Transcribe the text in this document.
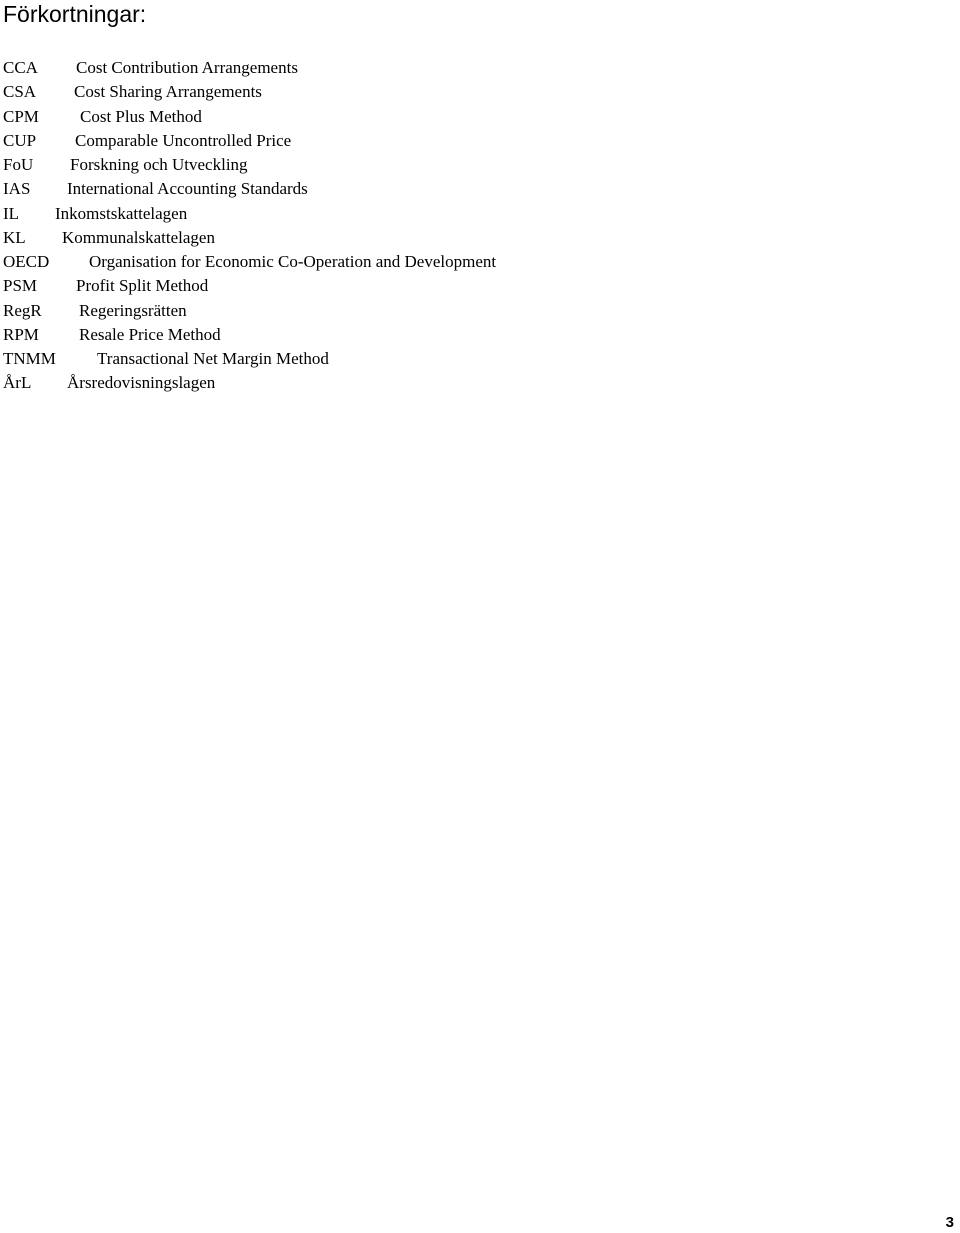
Förkortningar:
CCA Cost Contribution Arrangements
CSA Cost Sharing Arrangements
CPM Cost Plus Method
CUP Comparable Uncontrolled Price
FoU Forskning och Utveckling
IAS International Accounting Standards
IL Inkomstskattelagen
KL Kommunalskattelagen
OECD Organisation for Economic Co-Operation and Development
PSM Profit Split Method
RegR Regeringsrätten
RPM Resale Price Method
TNMM Transactional Net Margin Method
ÅrL Årsredovisningslagen
3
